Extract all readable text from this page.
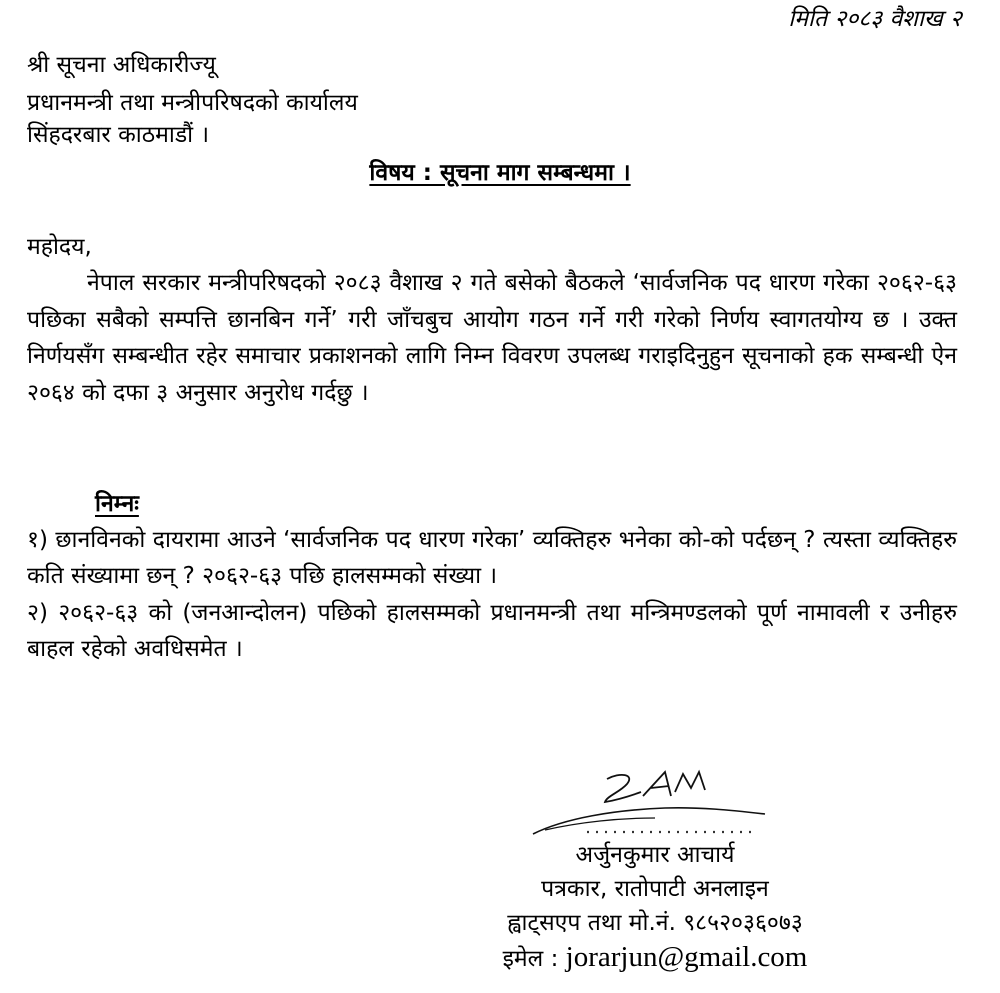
मिति २०८३ वैशाख २
श्री सूचना अधिकारीज्यू
प्रधानमन्त्री तथा मन्त्रीपरिषदको कार्यालय
सिंहदरबार काठमाडौं ।
विषय : सूचना माग सम्बन्धमा ।
महोदय,
नेपाल सरकार मन्त्रीपरिषदको २०८३ वैशाख २ गते बसेको बैठकले ‘सार्वजनिक पद धारण गरेका २०६२-६३ पछिका सबैको सम्पत्ति छानबिन गर्ने’ गरी जाँचबुच आयोग गठन गर्ने गरी गरेको निर्णय स्वागतयोग्य छ । उक्त निर्णयसँग सम्बन्धीत रहेर समाचार प्रकाशनको लागि निम्न विवरण उपलब्ध गराइदिनुहुन सूचनाको हक सम्बन्धी ऐन २०६४ को दफा ३ अनुसार अनुरोध गर्दछु ।
निम्नः
१) छानविनको दायरामा आउने ‘सार्वजनिक पद धारण गरेका’ व्यक्तिहरु भनेका को-को पर्दछन् ? त्यस्ता व्यक्तिहरु कति संख्यामा छन् ? २०६२-६३ पछि हालसम्मको संख्या ।
२) २०६२-६३ को (जनआन्दोलन) पछिको हालसम्मको प्रधानमन्त्री तथा मन्त्रिमण्डलको पूर्ण नामावली र उनीहरु बाहल रहेको अवधिसमेत ।
अर्जुनकुमार आचार्य
पत्रकार, रातोपाटी अनलाइन
ह्वाट्सएप तथा मो.नं. ९८५२०३६०७३
इमेल : jorarjun@gmail.com
